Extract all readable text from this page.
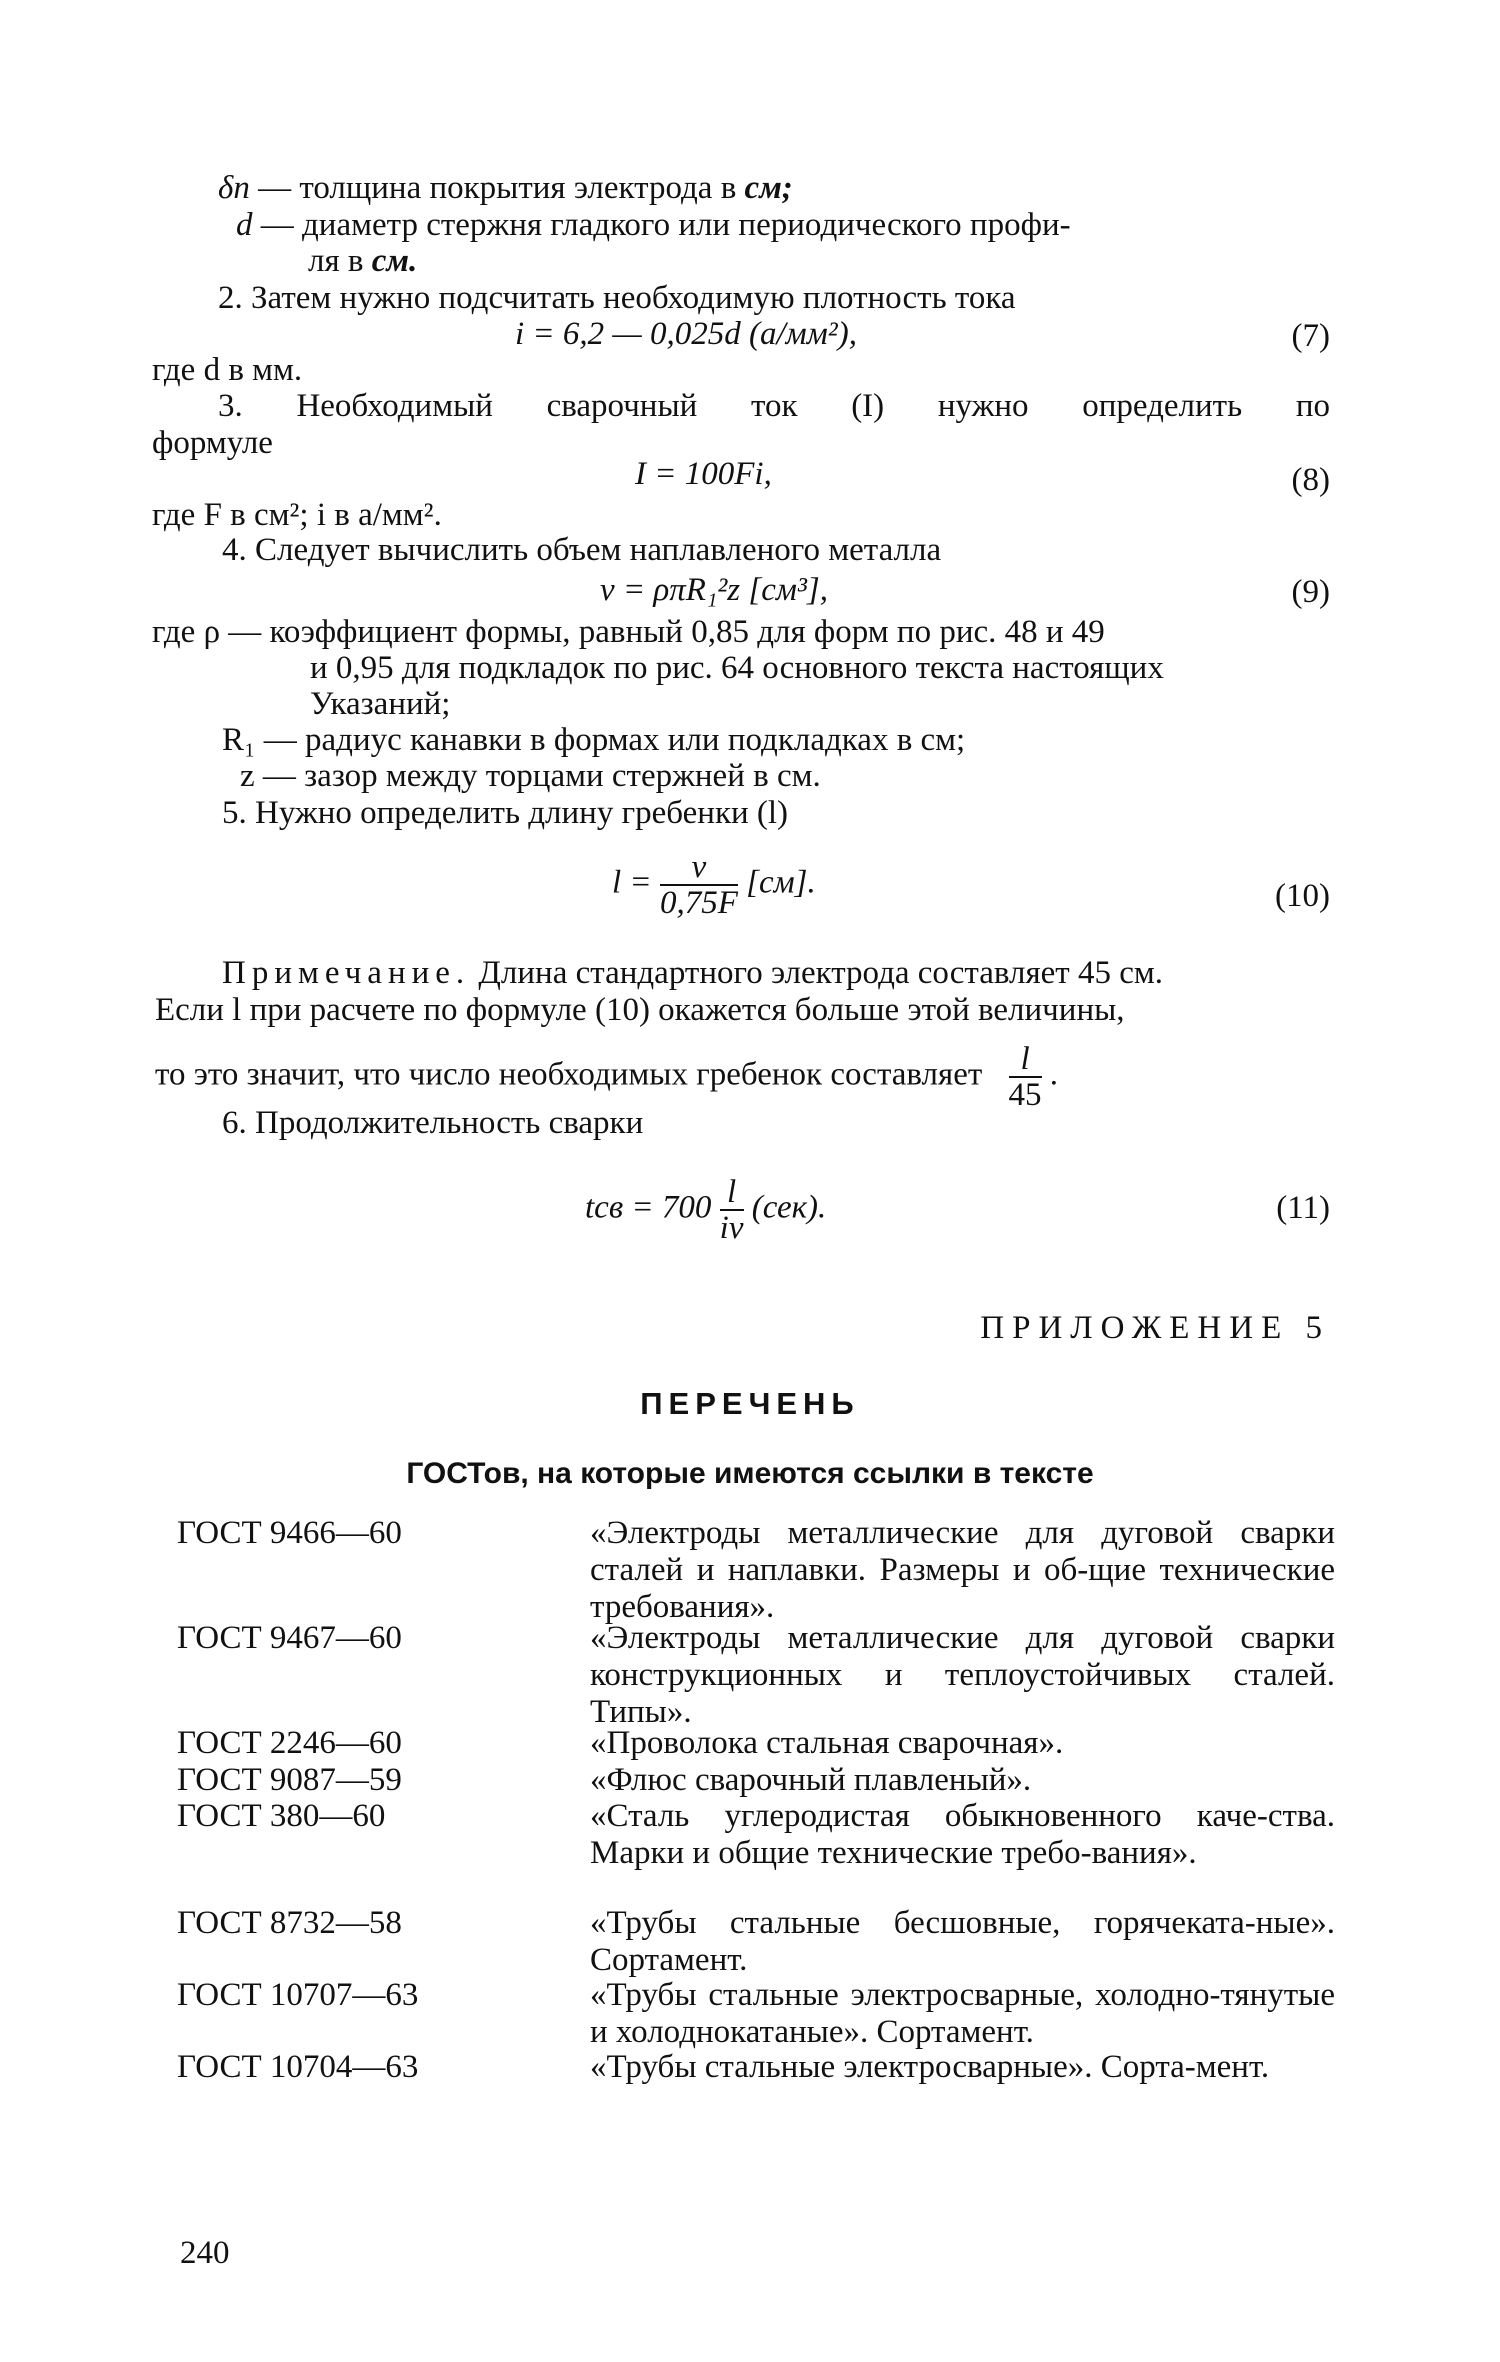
δп — толщина покрытия электрода в см;
d — диаметр стержня гладкого или периодического профи-
ля в см.
2. Затем нужно подсчитать необходимую плотность тока
i = 6,2 — 0,025d (а/мм²),	(7)
где d в мм.
3. Необходимый сварочный ток (I) нужно определить по
формуле
I = 100Fi,	(8)
где F в см²; i в а/мм².
4. Следует вычислить объем наплавленого металла
v = ρπR₁²z [см³],	(9)
где ρ — коэффициент формы, равный 0,85 для форм по рис. 48 и 49
и 0,95 для подкладок по рис. 64 основного текста настоящих
Указаний;
R₁ — радиус канавки в формах или подкладках в см;
z — зазор между торцами стержней в см.
5. Нужно определить длину гребенки (l)
$l = \frac{v}{0,75F} [см]$.	(10)
Примечание. Длина стандартного электрода составляет 45 см.
Если l при расчете по формуле (10) окажется больше этой величины,
то это значит, что число необходимых гребенок составляет $\frac{l}{45}$ .
6. Продолжительность сварки
tсв = $700 \frac{l}{iv} (сек)$.	(11)
ПРИЛОЖЕНИЕ 5
ПЕРЕЧЕНЬ
ГОСТов, на которые имеются ссылки в тексте
ГОСТ 9466—60	«Электроды металлические для дуговой сварки сталей и наплавки. Размеры и об-щие технические требования».
ГОСТ 9467—60	«Электроды металлические для дуговой сварки конструкционных и теплоустойчивых сталей. Типы».
ГОСТ 2246—60	«Проволока стальная сварочная».
ГОСТ 9087—59	«Флюс сварочный плавленый».
ГОСТ 380—60	«Сталь углеродистая обыкновенного каче-ства. Марки и общие технические требо-вания».
ГОСТ 8732—58	«Трубы стальные бесшовные, горячеката-ные». Сортамент.
ГОСТ 10707—63	«Трубы стальные электросварные, холодно-тянутые и холоднокатаные». Сортамент.
ГОСТ 10704—63	«Трубы стальные электросварные». Сорта-мент.
240
